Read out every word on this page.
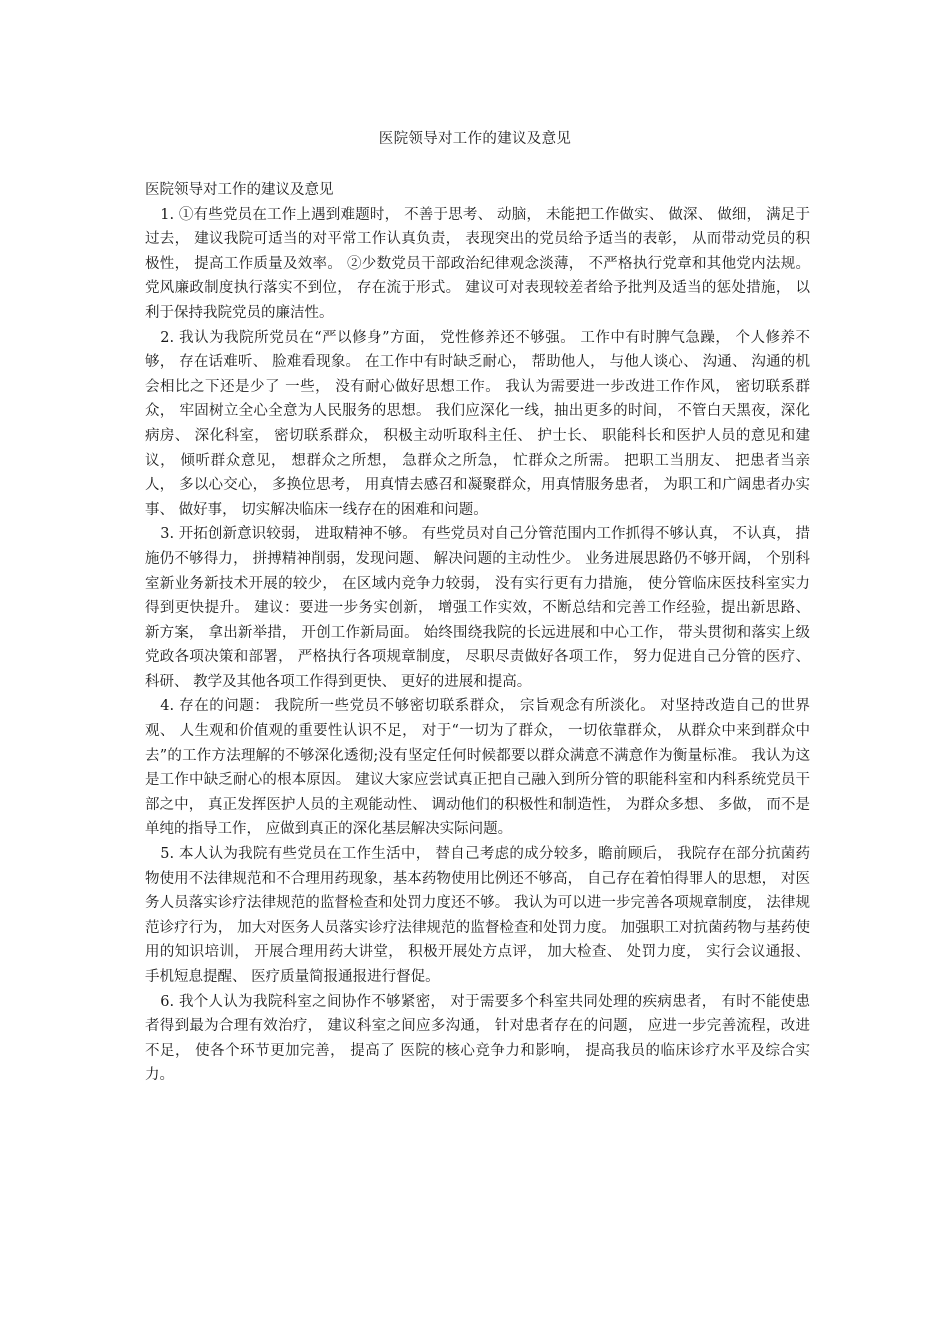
医院领导对工作的建议及意见

医院领导对工作的建议及意见

1. ①有些党员在工作上遇到难题时， 不善于思考、 动脑， 未能把工作做实、 做深、 做细， 满足于过去， 建议我院可适当的对平常工作认真负责， 表现突出的党员给予适当的表彰， 从而带动党员的积极性， 提高工作质量及效率。 ②少数党员干部政治纪律观念淡薄， 不严格执行党章和其他党内法规。 党风廉政制度执行落实不到位， 存在流于形式。 建议可对表现较差者给予批判及适当的惩处措施， 以利于保持我院党员的廉洁性。

2. 我认为我院所党员在“严以修身”方面， 党性修养还不够强。 工作中有时脾气急躁， 个人修养不够， 存在话难听、 脸难看现象。 在工作中有时缺乏耐心， 帮助他人， 与他人谈心、 沟通、 沟通的机会相比之下还是少了 一些， 没有耐心做好思想工作。 我认为需要进一步改进工作作风， 密切联系群众， 牢固树立全心全意为人民服务的思想。 我们应深化一线，抽出更多的时间， 不管白天黑夜，深化病房、 深化科室， 密切联系群众， 积极主动听取科主任、 护士长、 职能科长和医护人员的意见和建议， 倾听群众意见， 想群众之所想， 急群众之所急， 忙群众之所需。 把职工当朋友、 把患者当亲人， 多以心交心， 多换位思考， 用真情去感召和凝聚群众，用真情服务患者， 为职工和广阔患者办实事、 做好事， 切实解决临床一线存在的困难和问题。

3. 开拓创新意识较弱， 进取精神不够。 有些党员对自己分管范围内工作抓得不够认真， 不认真， 措施仍不够得力， 拼搏精神削弱，发现问题、 解决问题的主动性少。 业务进展思路仍不够开阔， 个别科室新业务新技术开展的较少， 在区域内竞争力较弱， 没有实行更有力措施， 使分管临床医技科室实力得到更快提升。 建议：要进一步务实创新， 增强工作实效，不断总结和完善工作经验，提出新思路、 新方案， 拿出新举措， 开创工作新局面。 始终围绕我院的长远进展和中心工作， 带头贯彻和落实上级党政各项决策和部署， 严格执行各项规章制度， 尽职尽责做好各项工作， 努力促进自己分管的医疗、 科研、 教学及其他各项工作得到更快、 更好的进展和提高。

4. 存在的问题： 我院所一些党员不够密切联系群众， 宗旨观念有所淡化。 对坚持改造自己的世界观、 人生观和价值观的重要性认识不足， 对于“一切为了群众， 一切依靠群众， 从群众中来到群众中去”的工作方法理解的不够深化透彻;没有坚定任何时候都要以群众满意不满意作为衡量标准。 我认为这是工作中缺乏耐心的根本原因。 建议大家应尝试真正把自己融入到所分管的职能科室和内科系统党员干部之中， 真正发挥医护人员的主观能动性、 调动他们的积极性和制造性， 为群众多想、 多做， 而不是单纯的指导工作， 应做到真正的深化基层解决实际问题。

5. 本人认为我院有些党员在工作生活中， 替自己考虑的成分较多，瞻前顾后， 我院存在部分抗菌药物使用不法律规范和不合理用药现象，基本药物使用比例还不够高， 自己存在着怕得罪人的思想， 对医务人员落实诊疗法律规范的监督检查和处罚力度还不够。 我认为可以进一步完善各项规章制度， 法律规范诊疗行为， 加大对医务人员落实诊疗法律规范的监督检查和处罚力度。 加强职工对抗菌药物与基药使用的知识培训， 开展合理用药大讲堂， 积极开展处方点评， 加大检查、 处罚力度， 实行会议通报、 手机短息提醒、 医疗质量简报通报进行督促。

6. 我个人认为我院科室之间协作不够紧密， 对于需要多个科室共同处理的疾病患者， 有时不能使患者得到最为合理有效治疗， 建议科室之间应多沟通， 针对患者存在的问题， 应进一步完善流程，改进不足， 使各个环节更加完善， 提高了 医院的核心竞争力和影响， 提高我员的临床诊疗水平及综合实力。
